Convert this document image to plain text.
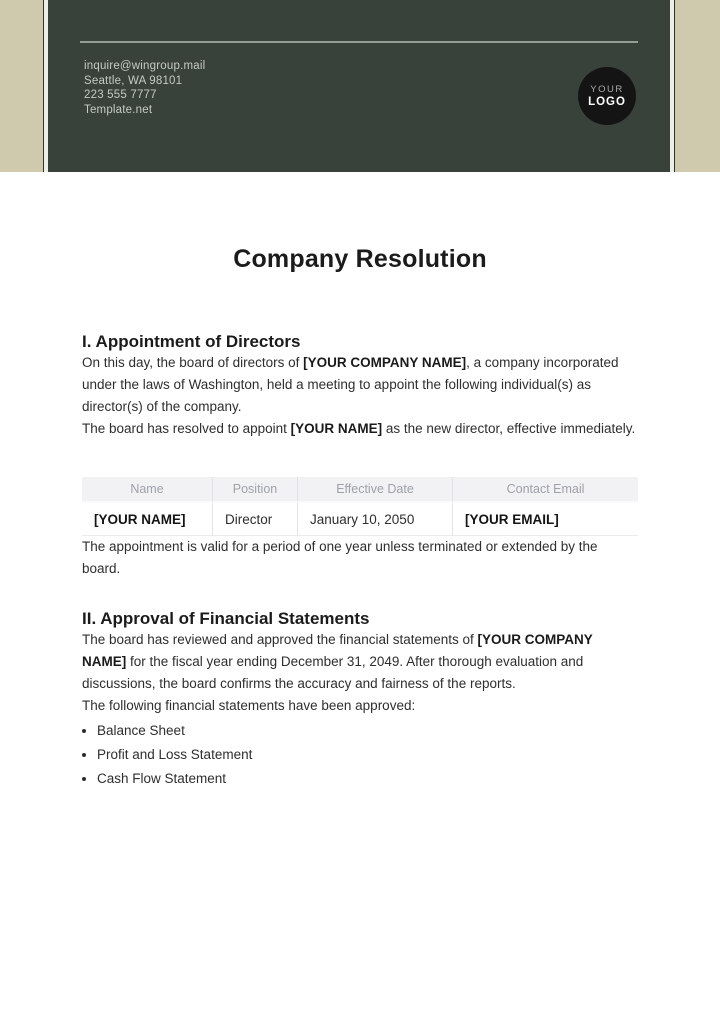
inquire@wingroup.mail
Seattle, WA 98101
223 555 7777
Template.net
YOUR
LOGO
Company Resolution
I. Appointment of Directors

On this day, the board of directors of [YOUR COMPANY NAME], a company incorporated under the laws of Washington, held a meeting to appoint the following individual(s) as director(s) of the company.

The board has resolved to appoint [YOUR NAME] as the new director, effective immediately.

Name	Position	Effective Date	Contact Email
[YOUR NAME]	Director	January 10, 2050	[YOUR EMAIL]

The appointment is valid for a period of one year unless terminated or extended by the board.

II. Approval of Financial Statements

The board has reviewed and approved the financial statements of [YOUR COMPANY NAME] for the fiscal year ending December 31, 2049. After thorough evaluation and discussions, the board confirms the accuracy and fairness of the reports.

The following financial statements have been approved:

• Balance Sheet
• Profit and Loss Statement
• Cash Flow Statement
